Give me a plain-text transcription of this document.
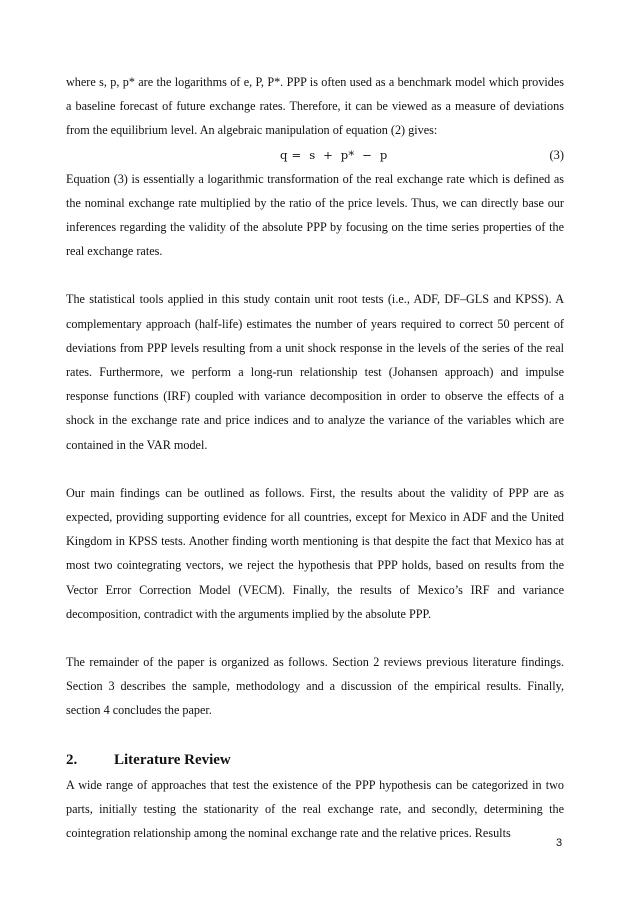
where s, p, p* are the logarithms of e, P, P*. PPP is often used as a benchmark model which provides a baseline forecast of future exchange rates. Therefore, it can be viewed as a measure of deviations from the equilibrium level. An algebraic manipulation of equation (2) gives:

q =  s  +  p*  −  p	(3)

Equation (3) is essentially a logarithmic transformation of the real exchange rate which is defined as the nominal exchange rate multiplied by the ratio of the price levels. Thus, we can directly base our inferences regarding the validity of the absolute PPP by focusing on the time series properties of the real exchange rates.

The statistical tools applied in this study contain unit root tests (i.e., ADF, DF–GLS and KPSS). A complementary approach (half-life) estimates the number of years required to correct 50 percent of deviations from PPP levels resulting from a unit shock response in the levels of the series of the real rates. Furthermore, we perform a long-run relationship test (Johansen approach) and impulse response functions (IRF) coupled with variance decomposition in order to observe the effects of a shock in the exchange rate and price indices and to analyze the variance of the variables which are contained in the VAR model.

Our main findings can be outlined as follows. First, the results about the validity of PPP are as expected, providing supporting evidence for all countries, except for Mexico in ADF and the United Kingdom in KPSS tests. Another finding worth mentioning is that despite the fact that Mexico has at most two cointegrating vectors, we reject the hypothesis that PPP holds, based on results from the Vector Error Correction Model (VECM). Finally, the results of Mexico’s IRF and variance decomposition, contradict with the arguments implied by the absolute PPP.

The remainder of the paper is organized as follows. Section 2 reviews previous literature findings. Section 3 describes the sample, methodology and a discussion of the empirical results. Finally, section 4 concludes the paper.

2.	Literature Review

A wide range of approaches that test the existence of the PPP hypothesis can be categorized in two parts, initially testing the stationarity of the real exchange rate, and secondly, determining the cointegration relationship among the nominal exchange rate and the relative prices. Results

3
